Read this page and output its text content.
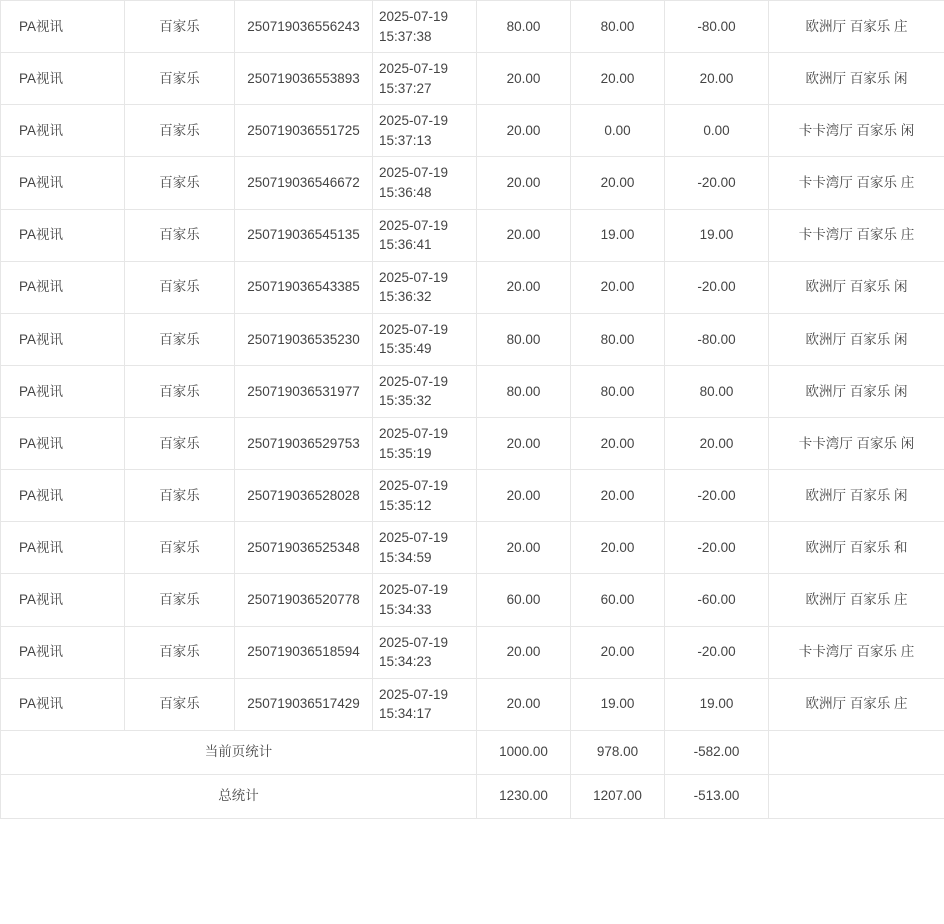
PA视讯	百家乐	250719036556243	2025-07-19 15:37:38	80.00	80.00	-80.00	欧洲厅 百家乐 庄
PA视讯	百家乐	250719036553893	2025-07-19 15:37:27	20.00	20.00	20.00	欧洲厅 百家乐 闲
PA视讯	百家乐	250719036551725	2025-07-19 15:37:13	20.00	0.00	0.00	卡卡湾厅 百家乐 闲
PA视讯	百家乐	250719036546672	2025-07-19 15:36:48	20.00	20.00	-20.00	卡卡湾厅 百家乐 庄
PA视讯	百家乐	250719036545135	2025-07-19 15:36:41	20.00	19.00	19.00	卡卡湾厅 百家乐 庄
PA视讯	百家乐	250719036543385	2025-07-19 15:36:32	20.00	20.00	-20.00	欧洲厅 百家乐 闲
PA视讯	百家乐	250719036535230	2025-07-19 15:35:49	80.00	80.00	-80.00	欧洲厅 百家乐 闲
PA视讯	百家乐	250719036531977	2025-07-19 15:35:32	80.00	80.00	80.00	欧洲厅 百家乐 闲
PA视讯	百家乐	250719036529753	2025-07-19 15:35:19	20.00	20.00	20.00	卡卡湾厅 百家乐 闲
PA视讯	百家乐	250719036528028	2025-07-19 15:35:12	20.00	20.00	-20.00	欧洲厅 百家乐 闲
PA视讯	百家乐	250719036525348	2025-07-19 15:34:59	20.00	20.00	-20.00	欧洲厅 百家乐 和
PA视讯	百家乐	250719036520778	2025-07-19 15:34:33	60.00	60.00	-60.00	欧洲厅 百家乐 庄
PA视讯	百家乐	250719036518594	2025-07-19 15:34:23	20.00	20.00	-20.00	卡卡湾厅 百家乐 庄
PA视讯	百家乐	250719036517429	2025-07-19 15:34:17	20.00	19.00	19.00	欧洲厅 百家乐 庄
当前页统计				1000.00	978.00	-582.00	
总统计				1230.00	1207.00	-513.00	
